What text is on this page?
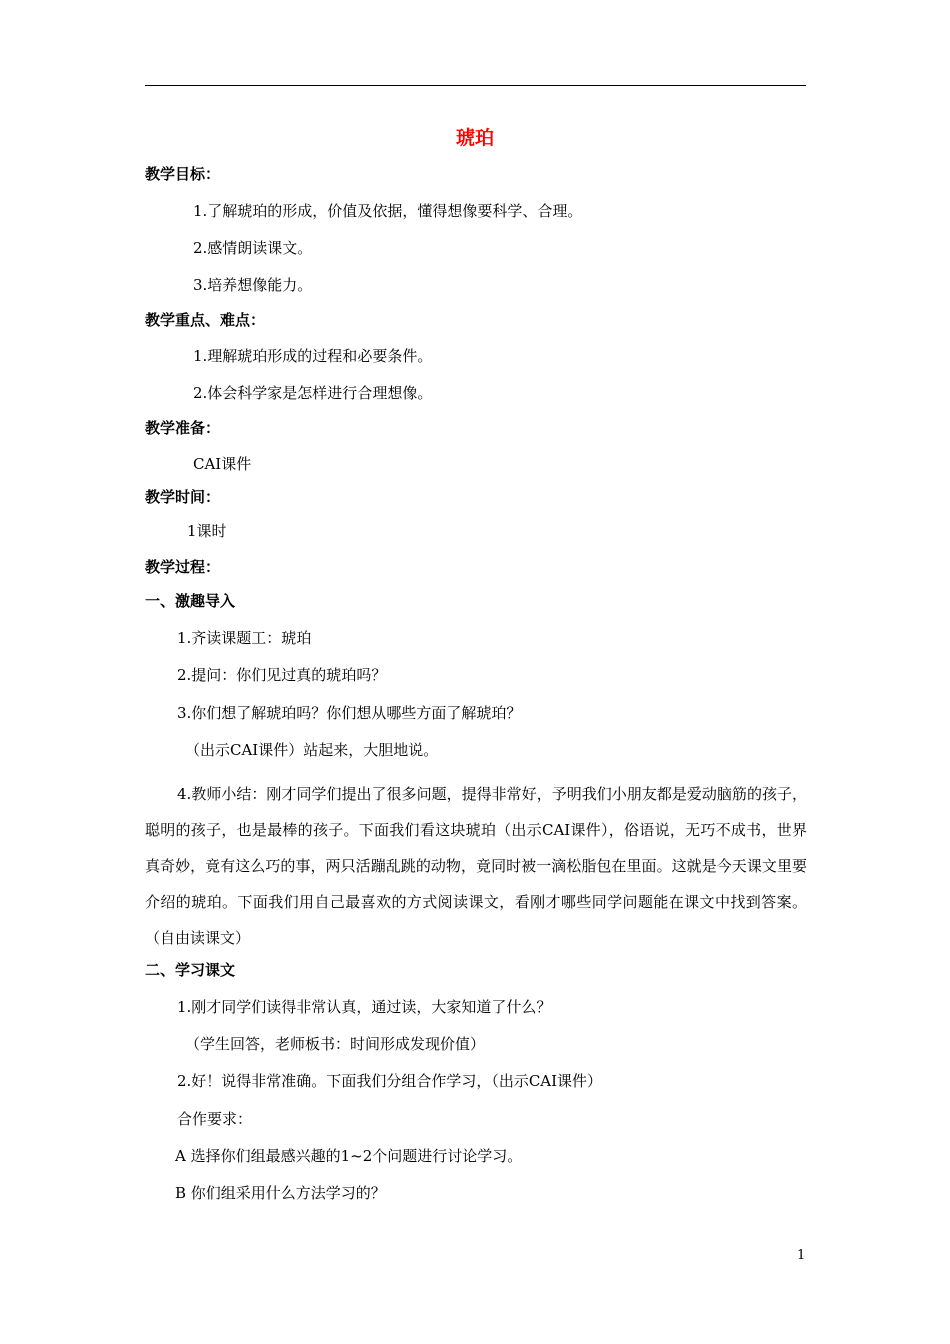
琥珀
教学目标：
1.了解琥珀的形成，价值及依据，懂得想像要科学、合理。
2.感情朗读课文。
3.培养想像能力。
教学重点、难点：
1.理解琥珀形成的过程和必要条件。
2.体会科学家是怎样进行合理想像。
教学准备：
CAI课件
教学时间：
1课时
教学过程：
一、激趣导入
1.齐读课题工：琥珀
2.提问：你们见过真的琥珀吗？
3.你们想了解琥珀吗？你们想从哪些方面了解琥珀？
（出示CAI课件）站起来，大胆地说。
4.教师小结：刚才同学们提出了很多问题，提得非常好，予明我们小朋友都是爱动脑筋的孩子，聪明的孩子，也是最棒的孩子。下面我们看这块琥珀（出示CAI课件），俗语说，无巧不成书，世界真奇妙，竟有这么巧的事，两只活蹦乱跳的动物，竟同时被一滴松脂包在里面。这就是今天课文里要介绍的琥珀。下面我们用自己最喜欢的方式阅读课文，看刚才哪些同学问题能在课文中找到答案。（自由读课文）
二、学习课文
1.刚才同学们读得非常认真，通过读，大家知道了什么？
（学生回答，老师板书：时间形成发现价值）
2.好！说得非常准确。下面我们分组合作学习，（出示CAI课件）
合作要求：
A 选择你们组最感兴趣的1~2个问题进行讨论学习。
B 你们组采用什么方法学习的？
1
